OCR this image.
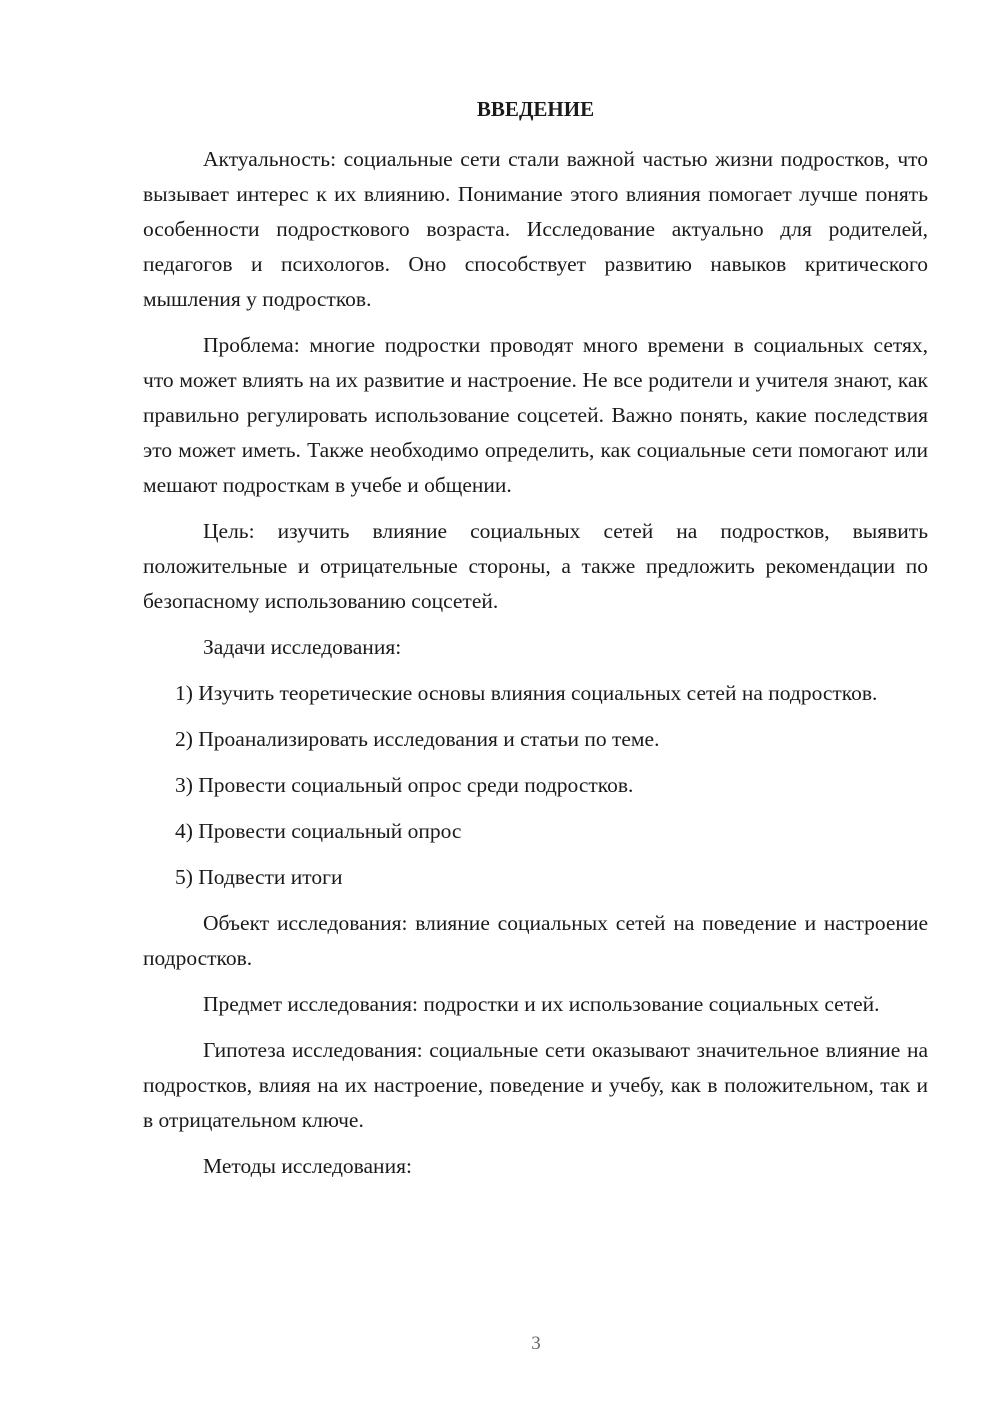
ВВЕДЕНИЕ

Актуальность: социальные сети стали важной частью жизни подростков, что вызывает интерес к их влиянию. Понимание этого влияния помогает лучше понять особенности подросткового возраста. Исследование актуально для родителей, педагогов и психологов. Оно способствует развитию навыков критического мышления у подростков.

Проблема: многие подростки проводят много времени в социальных сетях, что может влиять на их развитие и настроение. Не все родители и учителя знают, как правильно регулировать использование соцсетей. Важно понять, какие последствия это может иметь. Также необходимо определить, как социальные сети помогают или мешают подросткам в учебе и общении.

Цель: изучить влияние социальных сетей на подростков, выявить положительные и отрицательные стороны, а также предложить рекомендации по безопасному использованию соцсетей.

Задачи исследования:

1) Изучить теоретические основы влияния социальных сетей на подростков.

2) Проанализировать исследования и статьи по теме.

3) Провести социальный опрос среди подростков.

4) Провести социальный опрос

5) Подвести итоги

Объект исследования: влияние социальных сетей на поведение и настроение подростков.

Предмет исследования: подростки и их использование социальных сетей.

Гипотеза исследования: социальные сети оказывают значительное влияние на подростков, влияя на их настроение, поведение и учебу, как в положительном, так и в отрицательном ключе.

Методы исследования:

3
